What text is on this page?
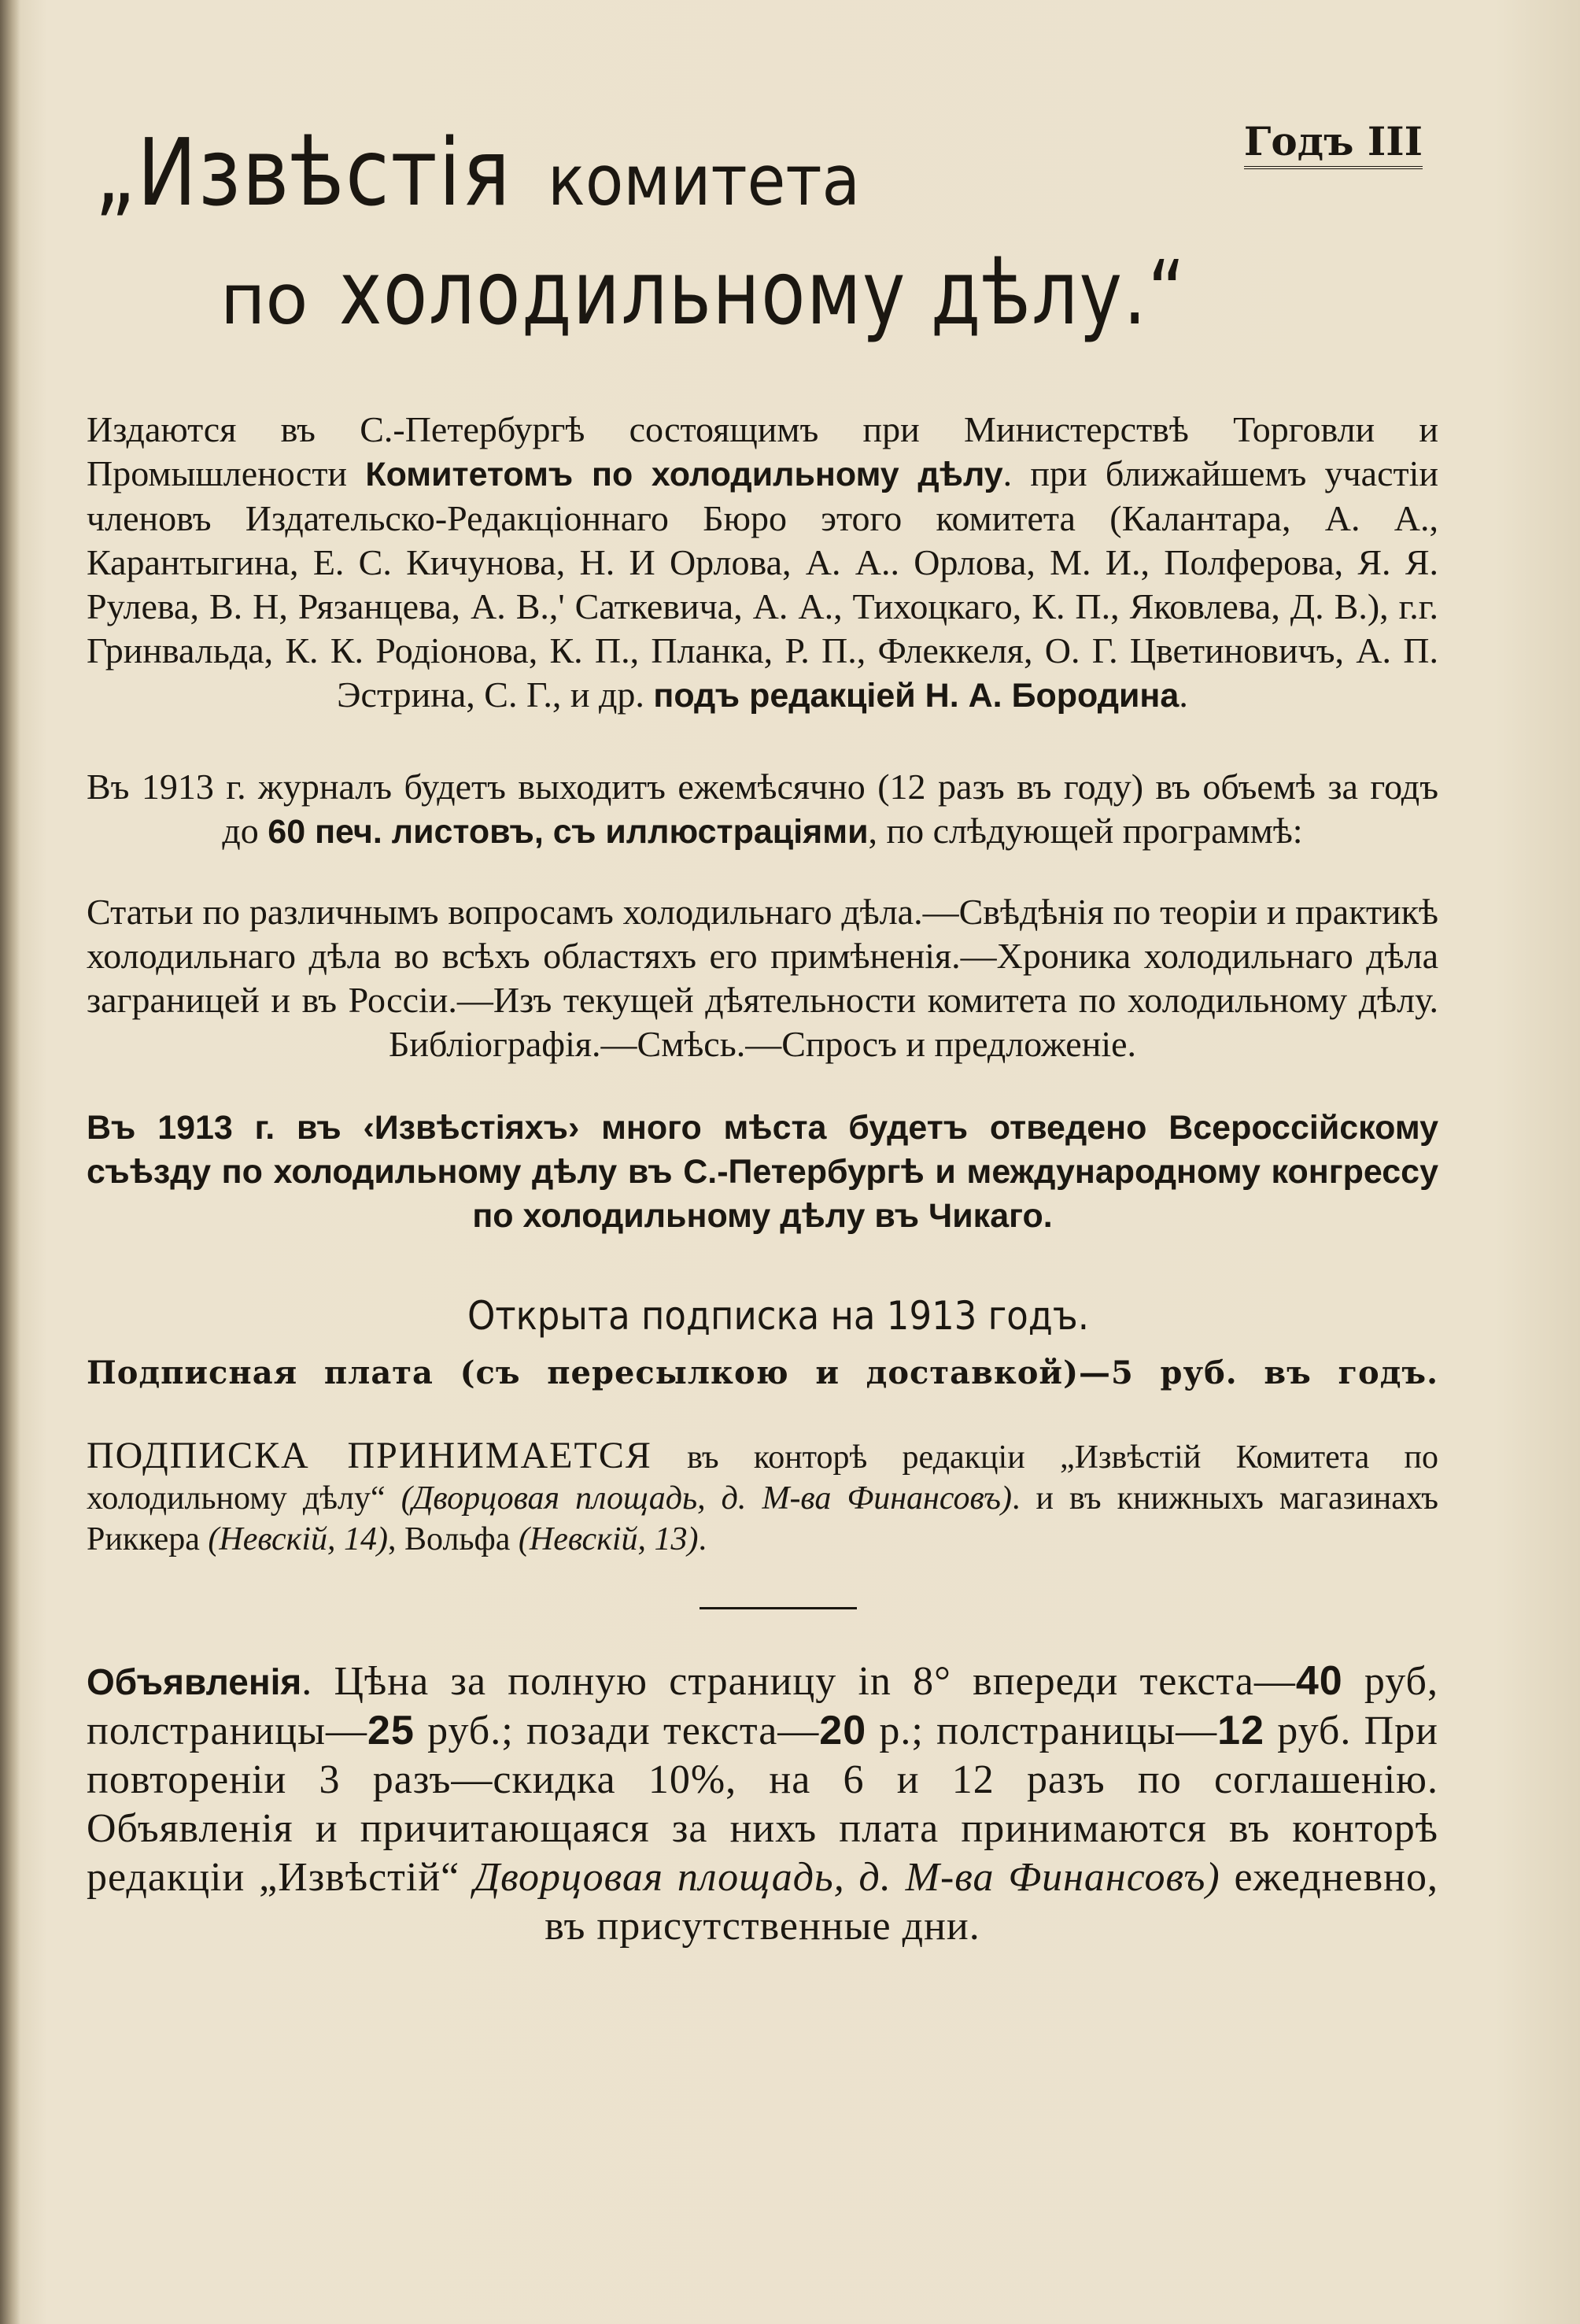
Годъ III
„Извѣстія комитета
по холодильному дѣлу.“

Издаются въ С.-Петербургѣ состоящимъ при Министерствѣ Торговли и Промышлености Комитетомъ по холодильному дѣлу. при ближайшемъ участіи членовъ Издательско-Редакціоннаго Бюро этого комитета (Калантара, А. А., Карантыгина, Е. С. Кичунова, Н. И Орлова, А. А.. Орлова, М. И., Полферова, Я. Я. Рулева, В. Н, Рязанцева, А. В.,' Саткевича, А. А., Тихоцкаго, К. П., Яковлева, Д. В.), г.г. Гринвальда, К. К. Родіонова, К. П., Планка, Р. П., Флеккеля, О. Г. Цветиновичъ, А. П. Эстрина, С. Г., и др. подъ редакціей Н. А. Бородина.

Въ 1913 г. журналъ будетъ выходитъ ежемѣсячно (12 разъ въ году) въ объемѣ за годъ до 60 печ. листовъ, съ иллюстраціями, по слѣдующей программѣ:

Статьи по различнымъ вопросамъ холодильнаго дѣла.—Свѣдѣнія по теоріи и практикѣ холодильнаго дѣла во всѣхъ областяхъ его примѣненія.—Хроника холодильнаго дѣла заграницей и въ Россіи.—Изъ текущей дѣятельности комитета по холодильному дѣлу. Библіографія.—Смѣсь.—Спросъ и предложеніе.

Въ 1913 г. въ ‹Извѣстіяхъ› много мѣста будетъ отведено Всероссійскому съѣзду по холодильному дѣлу въ С.-Петербургѣ и международному конгрессу по холодильному дѣлу въ Чикаго.

Открыта подписка на 1913 годъ.
Подписная плата (съ пересылкою и доставкой)—5 руб. въ годъ.

ПОДПИСКА ПРИНИМАЕТСЯ въ конторѣ редакціи „Извѣстій Комитета по холодильному дѣлу“ (Дворцовая площадь, д. М-ва Финансовъ). и въ книжныхъ магазинахъ Риккера (Невскій, 14), Вольфа (Невскій, 13).

Объявленія. Цѣна за полную страницу in 8° впереди текста—40 руб, полстраницы—25 руб.; позади текста—20 р.; полстраницы—12 руб. При повтореніи 3 разъ—скидка 10%, на 6 и 12 разъ по соглашенію. Объявленія и причитающаяся за нихъ плата принимаются въ конторѣ редакціи „Извѣстій“ Дворцовая площадь, д. М-ва Финансовъ) ежедневно, въ присутственные дни.
